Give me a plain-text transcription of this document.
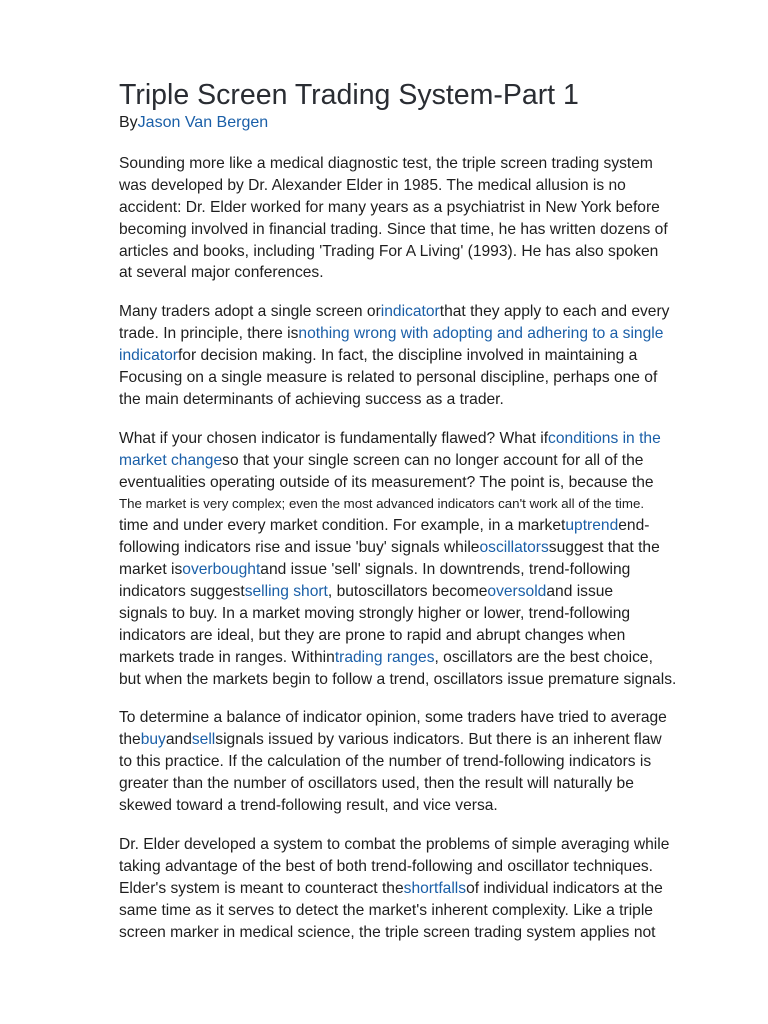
Triple Screen Trading System-Part 1
ByJason Van Bergen
Sounding more like a medical diagnostic test, the triple screen trading system
was developed by Dr. Alexander Elder in 1985. The medical allusion is no
accident: Dr. Elder worked for many years as a psychiatrist in New York before
becoming involved in financial trading. Since that time, he has written dozens of
articles and books, including 'Trading For A Living' (1993). He has also spoken
at several major conferences.
Many traders adopt a single screen orindicatorthat they apply to each and every
trade. In principle, there isnothing wrong with adopting and adhering to a single
indicatorfor decision making. In fact, the discipline involved in maintaining a
Focusing on a single measure is related to personal discipline, perhaps one of
the main determinants of achieving success as a trader.
What if your chosen indicator is fundamentally flawed? What ifconditions in the
market changeso that your single screen can no longer account for all of the
eventualities operating outside of its measurement? The point is, because the
The market is very complex; even the most advanced indicators can't work all of the time.
time and under every market condition. For example, in a marketuptrendend-
following indicators rise and issue 'buy' signals whileoscillatorssuggest that the
market isoverboughtand issue 'sell' signals. In downtrends, trend-following
indicators suggestselling short, butoscillators becomeoversoldand issue
signals to buy. In a market moving strongly higher or lower, trend-following
indicators are ideal, but they are prone to rapid and abrupt changes when
markets trade in ranges. Withintrading ranges, oscillators are the best choice,
but when the markets begin to follow a trend, oscillators issue premature signals.
To determine a balance of indicator opinion, some traders have tried to average
thebuyandsellsignals issued by various indicators. But there is an inherent flaw
to this practice. If the calculation of the number of trend-following indicators is
greater than the number of oscillators used, then the result will naturally be
skewed toward a trend-following result, and vice versa.
Dr. Elder developed a system to combat the problems of simple averaging while
taking advantage of the best of both trend-following and oscillator techniques.
Elder's system is meant to counteract theshortfallsof individual indicators at the
same time as it serves to detect the market's inherent complexity. Like a triple
screen marker in medical science, the triple screen trading system applies not
